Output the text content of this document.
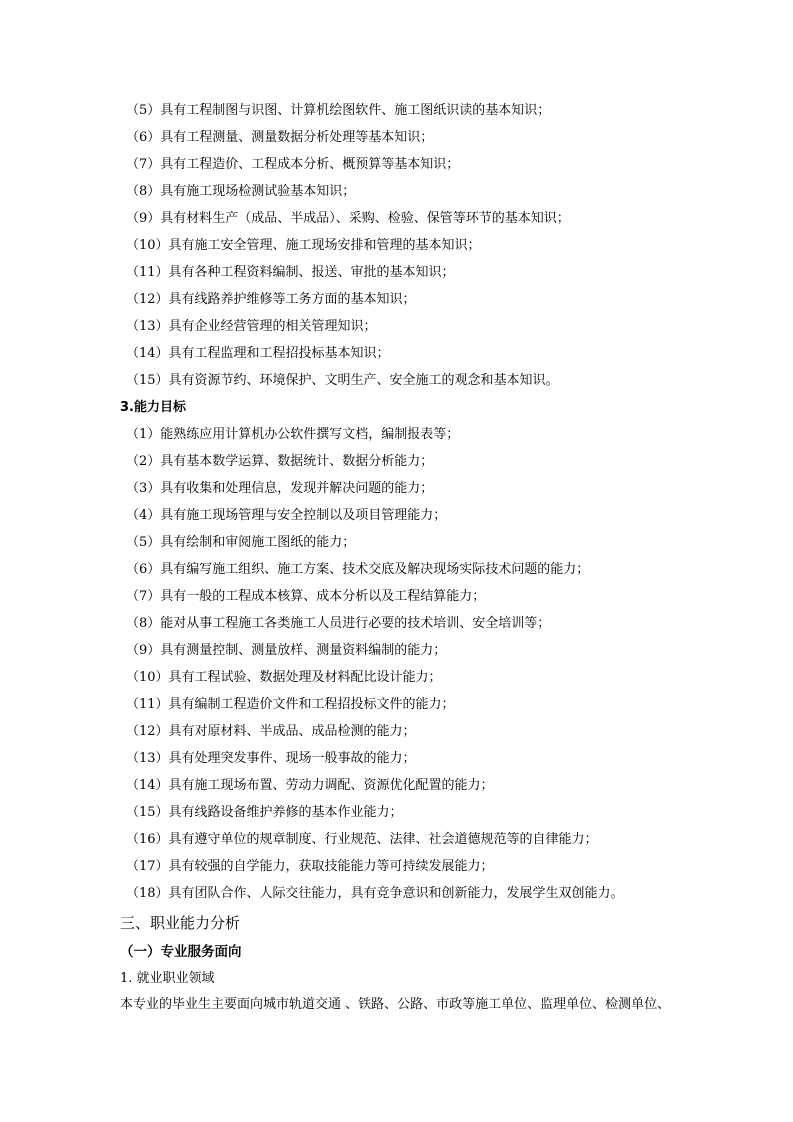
（5）具有工程制图与识图、计算机绘图软件、施工图纸识读的基本知识；
（6）具有工程测量、测量数据分析处理等基本知识；
（7）具有工程造价、工程成本分析、概预算等基本知识；
（8）具有施工现场检测试验基本知识；
（9）具有材料生产（成品、半成品）、采购、检验、保管等环节的基本知识；
（10）具有施工安全管理、施工现场安排和管理的基本知识；
（11）具有各种工程资料编制、报送、审批的基本知识；
（12）具有线路养护维修等工务方面的基本知识；
（13）具有企业经营管理的相关管理知识；
（14）具有工程监理和工程招投标基本知识；
（15）具有资源节约、环境保护、文明生产、安全施工的观念和基本知识。
3.能力目标
（1）能熟练应用计算机办公软件撰写文档，编制报表等；
（2）具有基本数学运算、数据统计、数据分析能力；
（3）具有收集和处理信息，发现并解决问题的能力；
（4）具有施工现场管理与安全控制以及项目管理能力；
（5）具有绘制和审阅施工图纸的能力；
（6）具有编写施工组织、施工方案、技术交底及解决现场实际技术问题的能力；
（7）具有一般的工程成本核算、成本分析以及工程结算能力；
（8）能对从事工程施工各类施工人员进行必要的技术培训、安全培训等；
（9）具有测量控制、测量放样、测量资料编制的能力；
（10）具有工程试验、数据处理及材料配比设计能力；
（11）具有编制工程造价文件和工程招投标文件的能力；
（12）具有对原材料、半成品、成品检测的能力；
（13）具有处理突发事件、现场一般事故的能力；
（14）具有施工现场布置、劳动力调配、资源优化配置的能力；
（15）具有线路设备维护养修的基本作业能力；
（16）具有遵守单位的规章制度、行业规范、法律、社会道德规范等的自律能力；
（17）具有较强的自学能力，获取技能能力等可持续发展能力；
（18）具有团队合作、人际交往能力，具有竞争意识和创新能力，发展学生双创能力。
三、职业能力分析
（一）专业服务面向
1. 就业职业领域
本专业的毕业生主要面向城市轨道交通 、铁路、公路、市政等施工单位、监理单位、检测单位、
